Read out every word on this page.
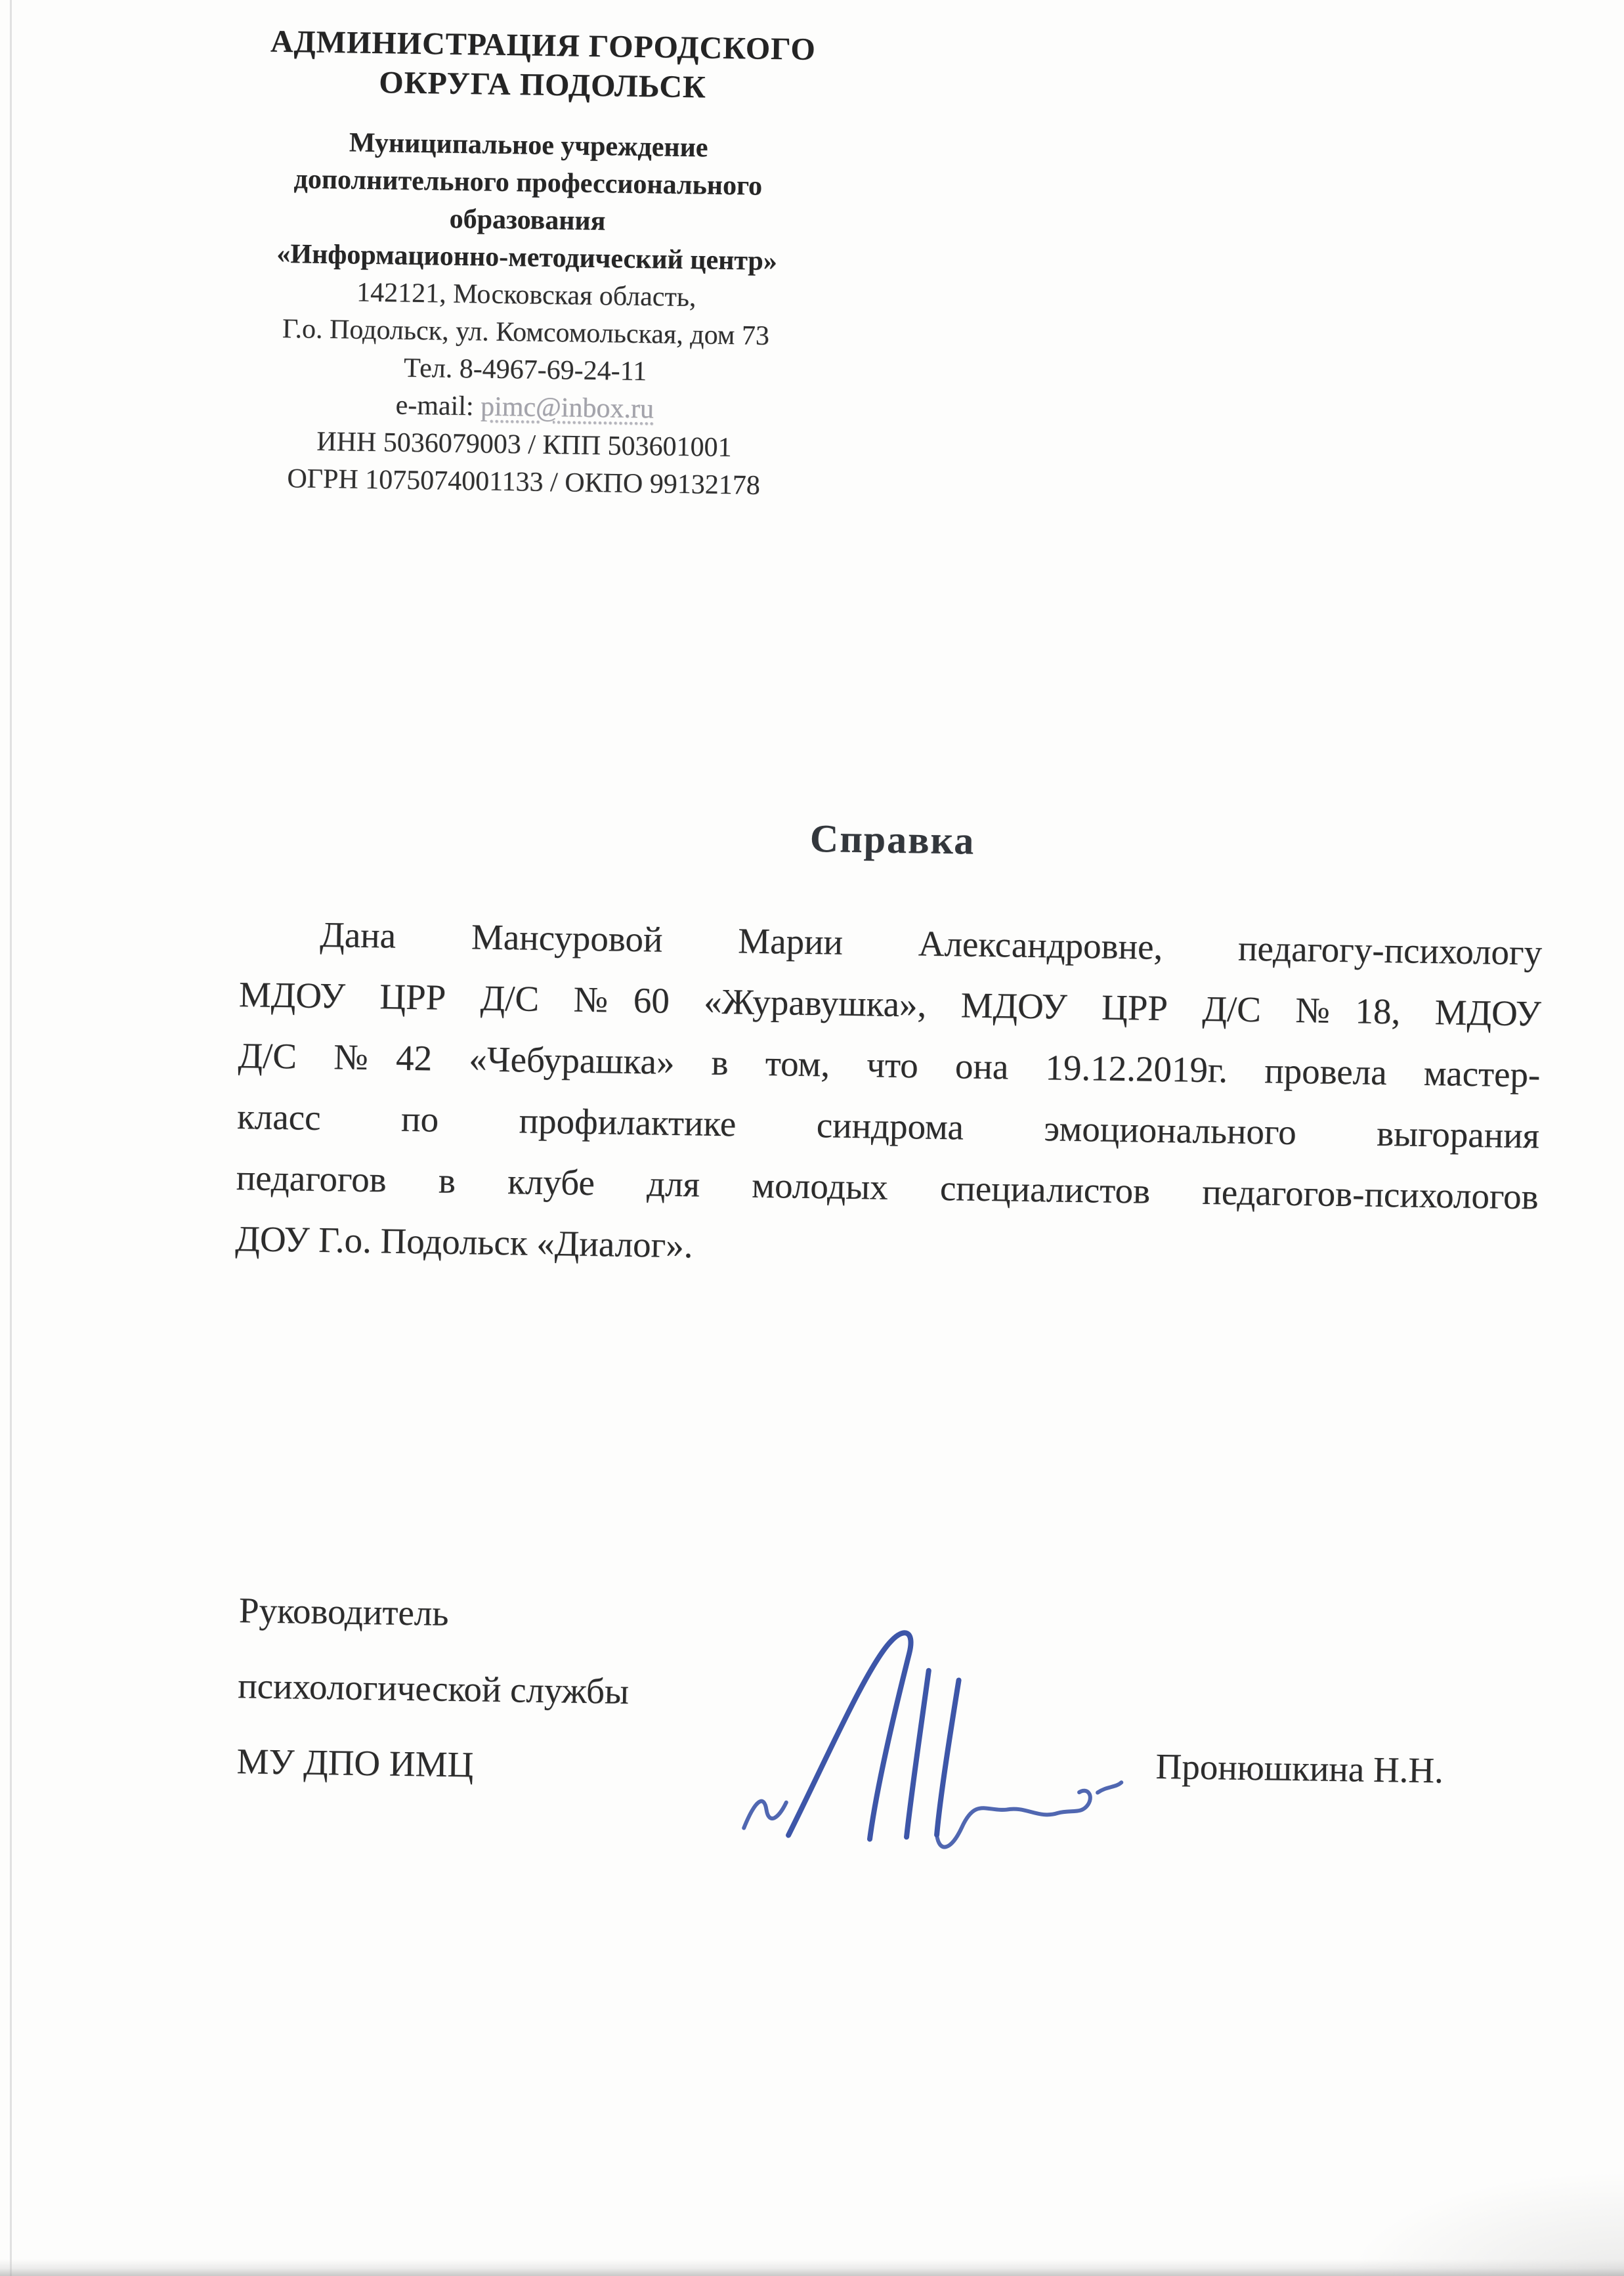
АДМИНИСТРАЦИЯ ГОРОДСКОГО
ОКРУГА ПОДОЛЬСК
Муниципальное учреждение
дополнительного профессионального
образования
«Информационно-методический центр»
142121, Московская область,
Г.о. Подольск, ул. Комсомольская, дом 73
Тел. 8-4967-69-24-11
e-mail: pimc@inbox.ru
ИНН 5036079003 / КПП 503601001
ОГРН 1075074001133 / ОКПО 99132178
Справка
Дана Мансуровой Марии Александровне, педагогу-психологу
МДОУ ЦРР Д/С №60 «Журавушка», МДОУ ЦРР Д/С №18, МДОУ
Д/С №42 «Чебурашка» в том, что она 19.12.2019г. провела мастер-
класс по профилактике синдрома эмоционального выгорания
педагогов в клубе для молодых специалистов педагогов-психологов
ДОУ Г.о. Подольск «Диалог».
Руководитель
психологической службы
МУ ДПО ИМЦ	Пронюшкина Н.Н.
